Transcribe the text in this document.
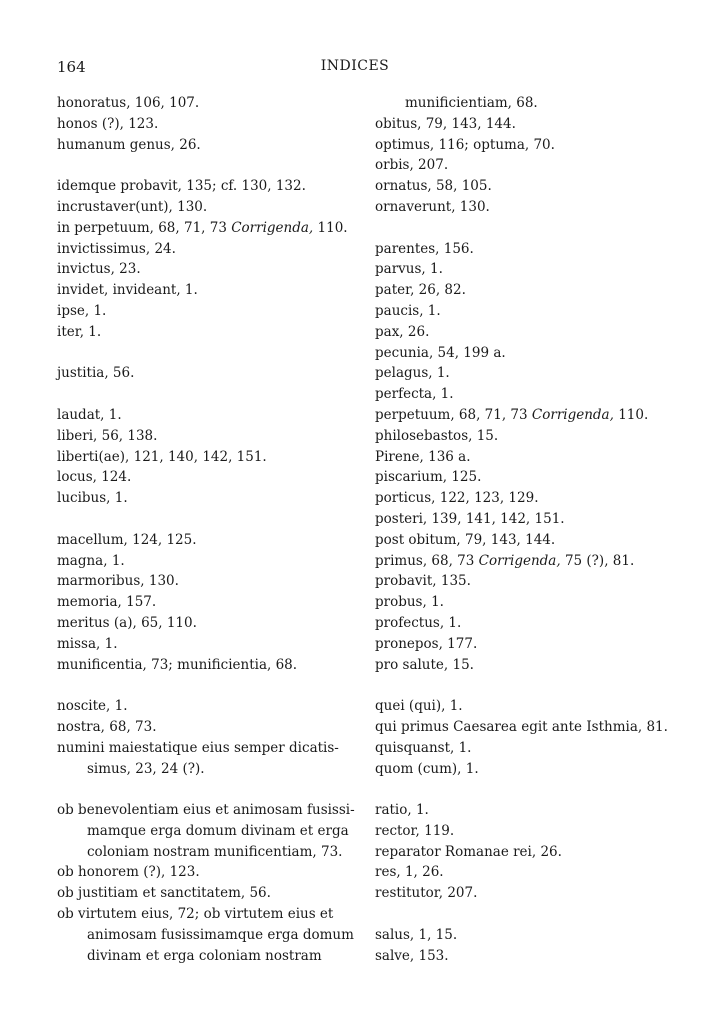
164	INDICES

honoratus, 106, 107.

honos (?), 123.

humanum genus, 26.

idemque probavit, 135; cf. 130, 132.

incrustaver(unt), 130.

in perpetuum, 68, 71, 73 Corrigenda, 110.

invictissimus, 24.

invictus, 23.

invidet, invideant, 1.

ipse, 1.

iter, 1.

justitia, 56.

laudat, 1.

liberi, 56, 138.

liberti(ae), 121, 140, 142, 151.

locus, 124.

lucibus, 1.

macellum, 124, 125.

magna, 1.

marmoribus, 130.

memoria, 157.

meritus (a), 65, 110.

missa, 1.

munificentia, 73; munificientia, 68.

noscite, 1.

nostra, 68, 73.

numini maiestatique eius semper dicatis-

simus, 23, 24 (?).

ob benevolentiam eius et animosam fusissi-

mamque erga domum divinam et erga

coloniam nostram munificentiam, 73.

ob honorem (?), 123.

ob justitiam et sanctitatem, 56.

ob virtutem eius, 72; ob virtutem eius et

animosam fusissimamque erga domum

divinam et erga coloniam nostram

munificientiam, 68.

obitus, 79, 143, 144.

optimus, 116; optuma, 70.

orbis, 207.

ornatus, 58, 105.

ornaverunt, 130.

parentes, 156.

parvus, 1.

pater, 26, 82.

paucis, 1.

pax, 26.

pecunia, 54, 199 a.

pelagus, 1.

perfecta, 1.

perpetuum, 68, 71, 73 Corrigenda, 110.

philosebastos, 15.

Pirene, 136 a.

piscarium, 125.

porticus, 122, 123, 129.

posteri, 139, 141, 142, 151.

post obitum, 79, 143, 144.

primus, 68, 73 Corrigenda, 75 (?), 81.

probavit, 135.

probus, 1.

profectus, 1.

pronepos, 177.

pro salute, 15.

quei (qui), 1.

qui primus Caesarea egit ante Isthmia, 81.

quisquanst, 1.

quom (cum), 1.

ratio, 1.

rector, 119.

reparator Romanae rei, 26.

res, 1, 26.

restitutor, 207.

salus, 1, 15.

salve, 153.
